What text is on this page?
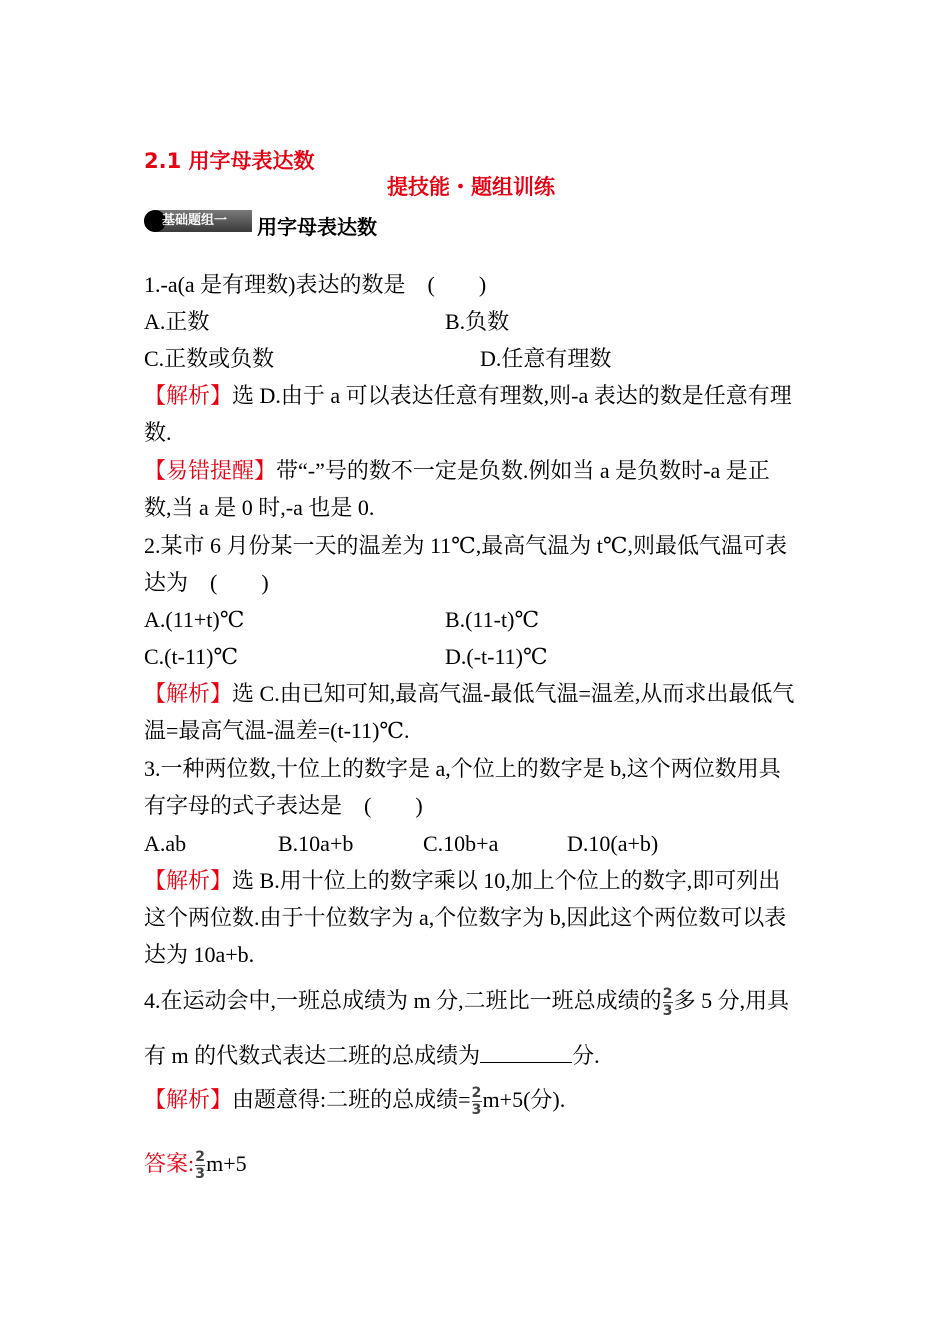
2.1 用字母表达数
提技能・题组训练
基础题组一 用字母表达数
1.-a(a 是有理数)表达的数是　(　　)
A.正数	B.负数
C.正数或负数	D.任意有理数
【解析】选 D.由于 a 可以表达任意有理数,则-a 表达的数是任意有理
数.
【易错提醒】带“-”号的数不一定是负数.例如当 a 是负数时-a 是正
数,当 a 是 0 时,-a 也是 0.
2.某市 6 月份某一天的温差为 11℃,最高气温为 t℃,则最低气温可表
达为　(　　)
A.(11+t)℃	B.(11-t)℃
C.(t-11)℃	D.(-t-11)℃
【解析】选 C.由已知可知,最高气温-最低气温=温差,从而求出最低气
温=最高气温-温差=(t-11)℃.
3.一种两位数,十位上的数字是 a,个位上的数字是 b,这个两位数用具
有字母的式子表达是　(　　)
A.ab	B.10a+b	C.10b+a	D.10(a+b)
【解析】选 B.用十位上的数字乘以 10,加上个位上的数字,即可列出
这个两位数.由于十位数字为 a,个位数字为 b,因此这个两位数可以表
达为 10a+b.
4.在运动会中,一班总成绩为 m 分,二班比一班总成绩的 $\frac{2}{3}$ 多 5 分,用具
有 m 的代数式表达二班的总成绩为	分.
【解析】由题意得:二班的总成绩= $\frac{2}{3} m+5$(分).
答案: $\frac{2}{3} m+5$
